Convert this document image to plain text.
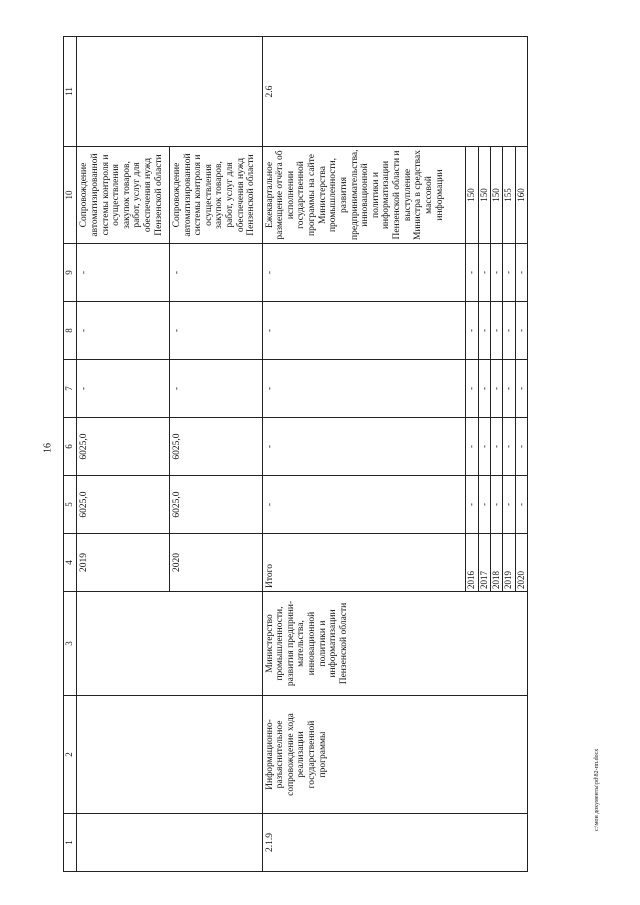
16
c:\мои документы\pd\82-пп.docx
1	2	3	4	5	6	7	8	9	10	11
			2019	6025,0	6025,0	-	-	-	Сопровождение автоматизированной системы контроля и осуществления закупок товаров, работ, услуг для обеспечения нужд Пензенской области	
			2020	6025,0	6025,0	-	-	-	Сопровождение автоматизированной системы контроля и осуществления закупок товаров, работ, услуг для обеспечения нужд Пензенской области	
2.1.9	Информационно-разъяснительное сопровождение хода реализации государственной программы	Министерство промышленности, развития предприни-мательства, инновационной политики и информатизации Пензенской области	Итого	-	-	-	-	-	Ежеквартальное размещение отчёта об исполнении государственной программы на сайте Министерства промышленности, развития предпринимательства, инновационной политики и информатизации Пензенской области и выступление Министра в средствах массовой информации	2.6
			2016	-	-	-	-	-	150	
			2017	-	-	-	-	-	150	
			2018	-	-	-	-	-	150	
			2019	-	-	-	-	-	155	
			2020	-	-	-	-	-	160	
